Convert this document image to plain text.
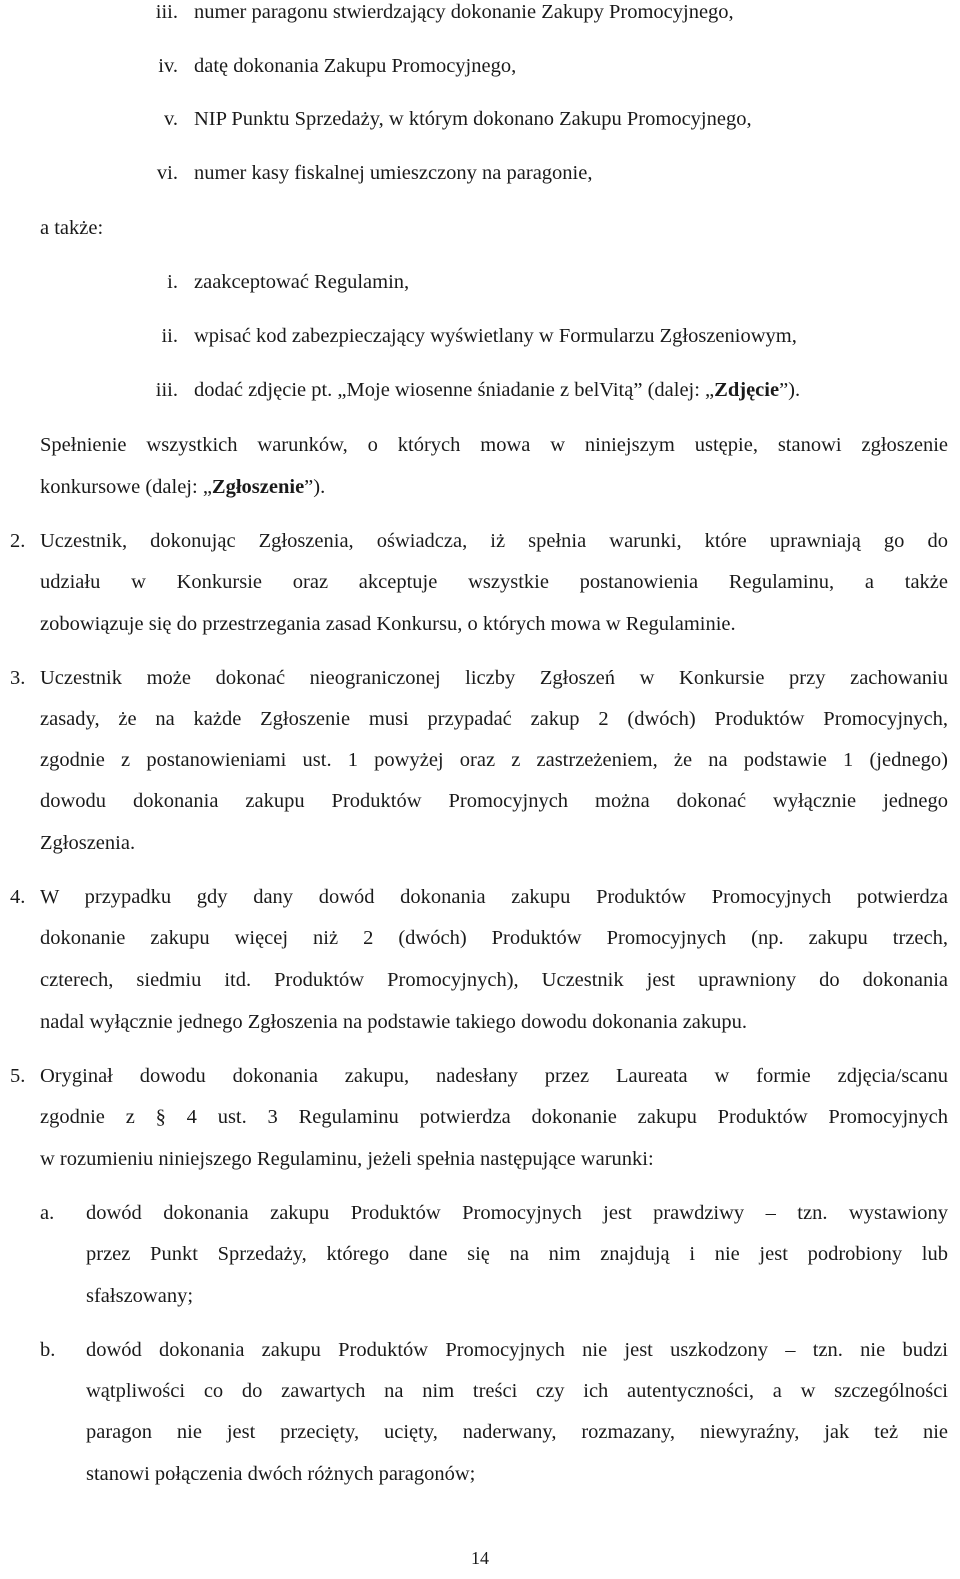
iii. numer paragonu stwierdzający dokonanie Zakupy Promocyjnego,
iv. datę dokonania Zakupu Promocyjnego,
v. NIP Punktu Sprzedaży, w którym dokonano Zakupu Promocyjnego,
vi. numer kasy fiskalnej umieszczony na paragonie,
a także:
i. zaakceptować Regulamin,
ii. wpisać kod zabezpieczający wyświetlany w Formularzu Zgłoszeniowym,
iii. dodać zdjęcie pt. „Moje wiosenne śniadanie z belVitą” (dalej: „Zdjęcie”).
Spełnienie wszystkich warunków, o których mowa w niniejszym ustępie, stanowi zgłoszenie
konkursowe (dalej: „Zgłoszenie”).
2. Uczestnik, dokonując Zgłoszenia, oświadcza, iż spełnia warunki, które uprawniają go do
udziału w Konkursie oraz akceptuje wszystkie postanowienia Regulaminu, a także
zobowiązuje się do przestrzegania zasad Konkursu, o których mowa w Regulaminie.
3. Uczestnik może dokonać nieograniczonej liczby Zgłoszeń w Konkursie przy zachowaniu
zasady, że na każde Zgłoszenie musi przypadać zakup 2 (dwóch) Produktów Promocyjnych,
zgodnie z postanowieniami ust. 1 powyżej oraz z zastrzeżeniem, że na podstawie 1 (jednego)
dowodu dokonania zakupu Produktów Promocyjnych można dokonać wyłącznie jednego
Zgłoszenia.
4. W przypadku gdy dany dowód dokonania zakupu Produktów Promocyjnych potwierdza
dokonanie zakupu więcej niż 2 (dwóch) Produktów Promocyjnych (np. zakupu trzech,
czterech, siedmiu itd. Produktów Promocyjnych), Uczestnik jest uprawniony do dokonania
nadal wyłącznie jednego Zgłoszenia na podstawie takiego dowodu dokonania zakupu.
5. Oryginał dowodu dokonania zakupu, nadesłany przez Laureata w formie zdjęcia/scanu
zgodnie z § 4 ust. 3 Regulaminu potwierdza dokonanie zakupu Produktów Promocyjnych
w rozumieniu niniejszego Regulaminu, jeżeli spełnia następujące warunki:
a. dowód dokonania zakupu Produktów Promocyjnych jest prawdziwy – tzn. wystawiony
przez Punkt Sprzedaży, którego dane się na nim znajdują i nie jest podrobiony lub
sfałszowany;
b. dowód dokonania zakupu Produktów Promocyjnych nie jest uszkodzony – tzn. nie budzi
wątpliwości co do zawartych na nim treści czy ich autentyczności, a w szczególności
paragon nie jest przecięty, ucięty, naderwany, rozmazany, niewyraźny, jak też nie
stanowi połączenia dwóch różnych paragonów;
14
